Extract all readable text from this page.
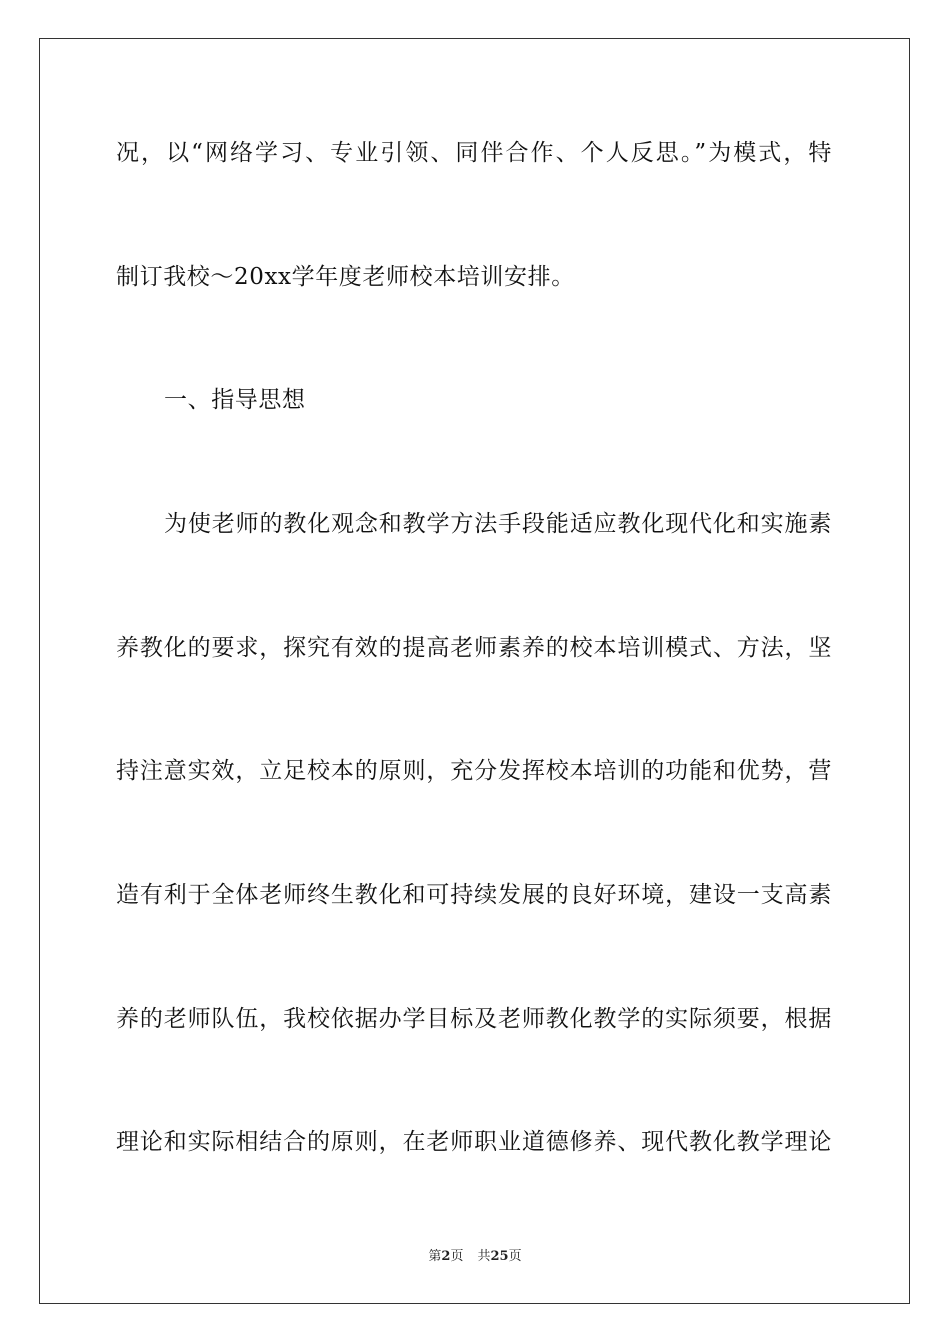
况，以“网络学习、专业引领、同伴合作、个人反思。”为模式，特
制订我校～20xx学年度老师校本培训安排。
一、指导思想
为使老师的教化观念和教学方法手段能适应教化现代化和实施素
养教化的要求，探究有效的提高老师素养的校本培训模式、方法，坚
持注意实效，立足校本的原则，充分发挥校本培训的功能和优势，营
造有利于全体老师终生教化和可持续发展的良好环境，建设一支高素
养的老师队伍，我校依据办学目标及老师教化教学的实际须要，根据
理论和实际相结合的原则，在老师职业道德修养、现代教化教学理论
第2页 共25页
